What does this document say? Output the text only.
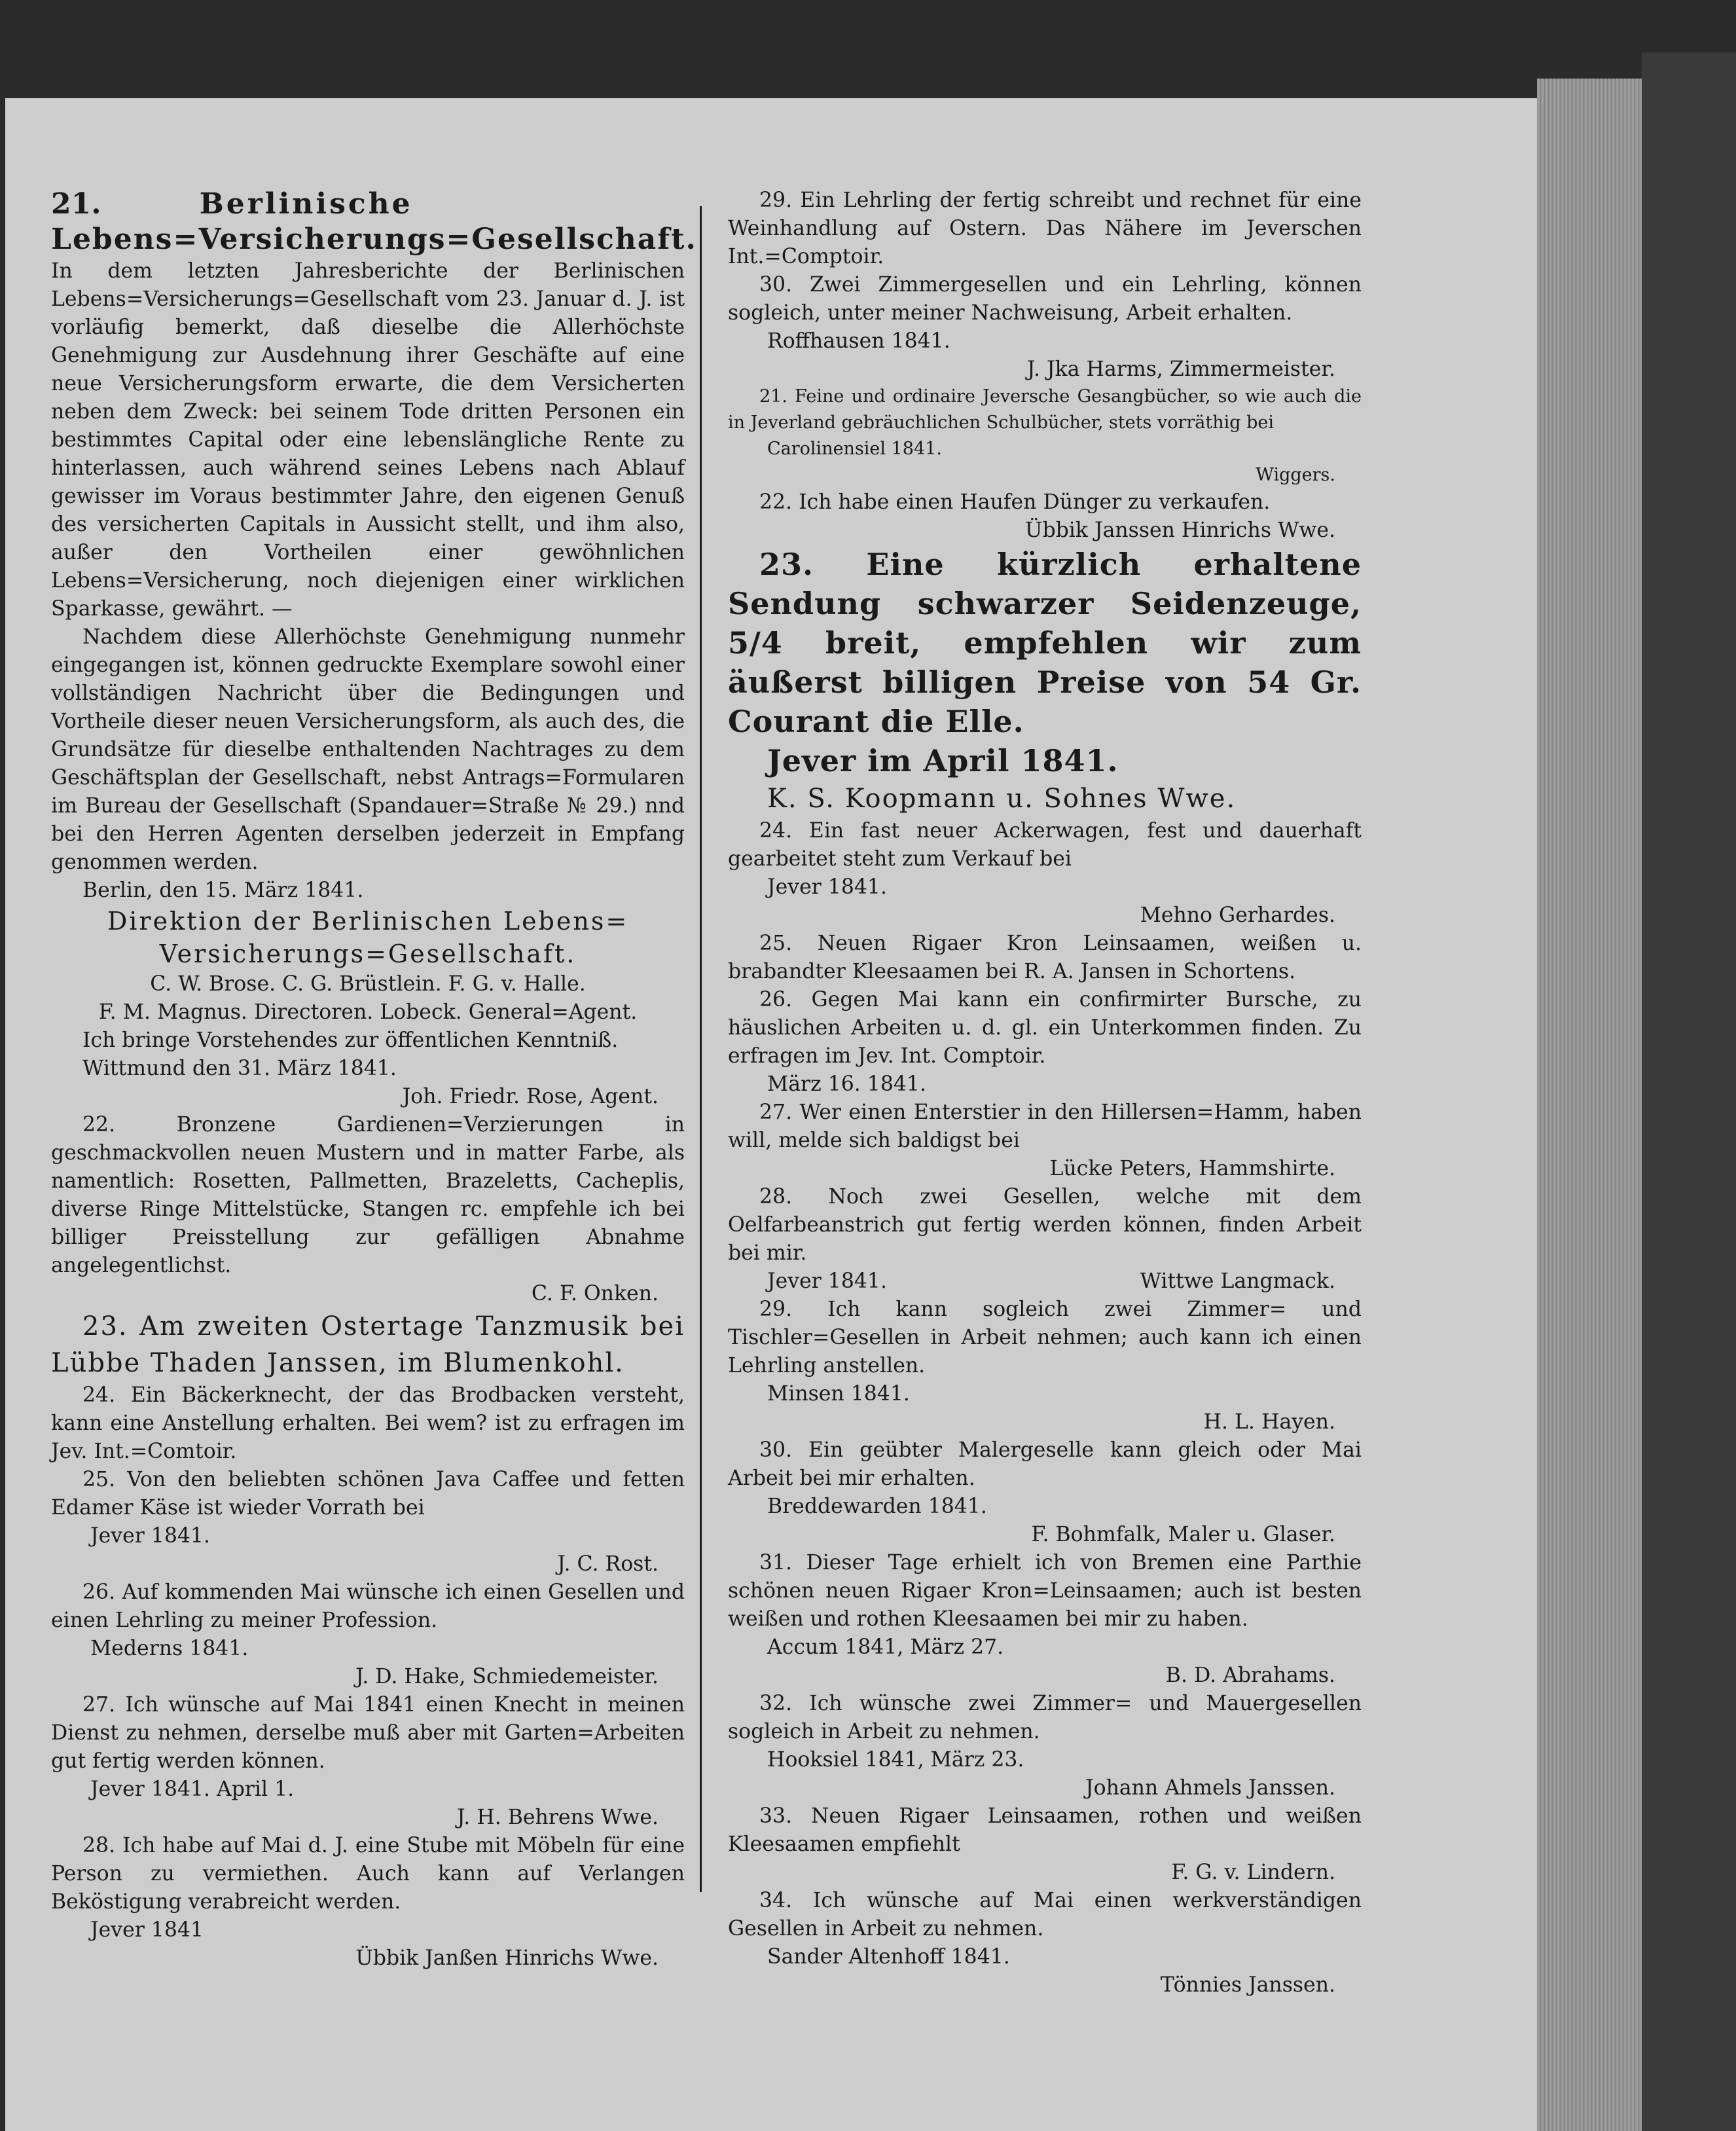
21.	Berlinische
Lebens=Versicherungs=Gesellschaft.

In dem letzten Jahresberichte der Berlinischen Lebens=Versicherungs=Gesellschaft vom 23. Januar d. J. ist vorläufig bemerkt, daß dieselbe die Allerhöchste Genehmigung zur Ausdehnung ihrer Geschäfte auf eine neue Versicherungsform erwarte, die dem Versicherten neben dem Zweck: bei seinem Tode dritten Personen ein bestimmtes Capital oder eine lebenslängliche Rente zu hinterlassen, auch während seines Lebens nach Ablauf gewisser im Voraus bestimmter Jahre, den eigenen Genuß des versicherten Capitals in Aussicht stellt, und ihm also, außer den Vortheilen einer gewöhnlichen Lebens=Versicherung, noch diejenigen einer wirklichen Sparkasse, gewährt. —

Nachdem diese Allerhöchste Genehmigung nunmehr eingegangen ist, können gedruckte Exemplare sowohl einer vollständigen Nachricht über die Bedingungen und Vortheile dieser neuen Versicherungsform, als auch des, die Grundsätze für dieselbe enthaltenden Nachtrages zu dem Geschäftsplan der Gesellschaft, nebst Antrags=Formularen im Bureau der Gesellschaft (Spandauer=Straße № 29.) nnd bei den Herren Agenten derselben jederzeit in Empfang genommen werden.

Berlin, den 15. März 1841.

Direktion der Berlinischen Lebens=
Versicherungs=Gesellschaft.

C. W. Brose. C. G. Brüstlein. F. G. v. Halle.

F. M. Magnus. Directoren. Lobeck. General=Agent.

Ich bringe Vorstehendes zur öffentlichen Kenntniß.

Wittmund den 31. März 1841.

Joh. Friedr. Rose, Agent.

22. Bronzene Gardienen=Verzierungen in geschmackvollen neuen Mustern und in matter Farbe, als namentlich: Rosetten, Pallmetten, Brazeletts, Cacheplis, diverse Ringe Mittelstücke, Stangen rc. empfehle ich bei billiger Preisstellung zur gefälligen Abnahme angelegentlichst.

C. F. Onken.

23. Am zweiten Ostertage Tanzmusik bei Lübbe Thaden Janssen, im Blumenkohl.

24. Ein Bäckerknecht, der das Brodbacken versteht, kann eine Anstellung erhalten. Bei wem? ist zu erfragen im Jev. Int.=Comtoir.

25. Von den beliebten schönen Java Caffee und fetten Edamer Käse ist wieder Vorrath bei

Jever 1841.

J. C. Rost.

26. Auf kommenden Mai wünsche ich einen Gesellen und einen Lehrling zu meiner Profession.

Mederns 1841.

J. D. Hake, Schmiedemeister.

27. Ich wünsche auf Mai 1841 einen Knecht in meinen Dienst zu nehmen, derselbe muß aber mit Garten=Arbeiten gut fertig werden können.

Jever 1841. April 1.

J. H. Behrens Wwe.

28. Ich habe auf Mai d. J. eine Stube mit Möbeln für eine Person zu vermiethen. Auch kann auf Verlangen Beköstigung verabreicht werden.

Jever 1841

Übbik Janßen Hinrichs Wwe.

29. Ein Lehrling der fertig schreibt und rechnet für eine Weinhandlung auf Ostern. Das Nähere im Jeverschen Int.=Comptoir.

30. Zwei Zimmergesellen und ein Lehrling, können sogleich, unter meiner Nachweisung, Arbeit erhalten.

Roffhausen 1841.

J. Jka Harms, Zimmermeister.

21. Feine und ordinaire Jeversche Gesangbücher, so wie auch die in Jeverland gebräuchlichen Schulbücher, stets vorräthig bei

Carolinensiel 1841.

Wiggers.

22. Ich habe einen Haufen Dünger zu verkaufen.

Übbik Janssen Hinrichs Wwe.

23. Eine kürzlich erhaltene Sendung schwarzer Seidenzeuge, 5/4 breit, empfehlen wir zum äußerst billigen Preise von 54 Gr. Courant die Elle.

Jever im April 1841.

K. S. Koopmann u. Sohnes Wwe.

24. Ein fast neuer Ackerwagen, fest und dauerhaft gearbeitet steht zum Verkauf bei

Jever 1841.

Mehno Gerhardes.

25. Neuen Rigaer Kron Leinsaamen, weißen u. brabandter Kleesaamen bei R. A. Jansen in Schortens.

26. Gegen Mai kann ein confirmirter Bursche, zu häuslichen Arbeiten u. d. gl. ein Unterkommen finden. Zu erfragen im Jev. Int. Comptoir.

März 16. 1841.

27. Wer einen Enterstier in den Hillersen=Hamm, haben will, melde sich baldigst bei

Lücke Peters, Hammshirte.

28. Noch zwei Gesellen, welche mit dem Oelfarbeanstrich gut fertig werden können, finden Arbeit bei mir.

Jever 1841.	Wittwe Langmack.

29. Ich kann sogleich zwei Zimmer= und Tischler=Gesellen in Arbeit nehmen; auch kann ich einen Lehrling anstellen.

Minsen 1841.

H. L. Hayen.

30. Ein geübter Malergeselle kann gleich oder Mai Arbeit bei mir erhalten.

Breddewarden 1841.

F. Bohmfalk, Maler u. Glaser.

31. Dieser Tage erhielt ich von Bremen eine Parthie schönen neuen Rigaer Kron=Leinsaamen; auch ist besten weißen und rothen Kleesaamen bei mir zu haben.

Accum 1841, März 27.

B. D. Abrahams.

32. Ich wünsche zwei Zimmer= und Mauergesellen sogleich in Arbeit zu nehmen.

Hooksiel 1841, März 23.

Johann Ahmels Janssen.

33. Neuen Rigaer Leinsaamen, rothen und weißen Kleesaamen empfiehlt

F. G. v. Lindern.

34. Ich wünsche auf Mai einen werkverständigen Gesellen in Arbeit zu nehmen.

Sander Altenhoff 1841.

Tönnies Janssen.
